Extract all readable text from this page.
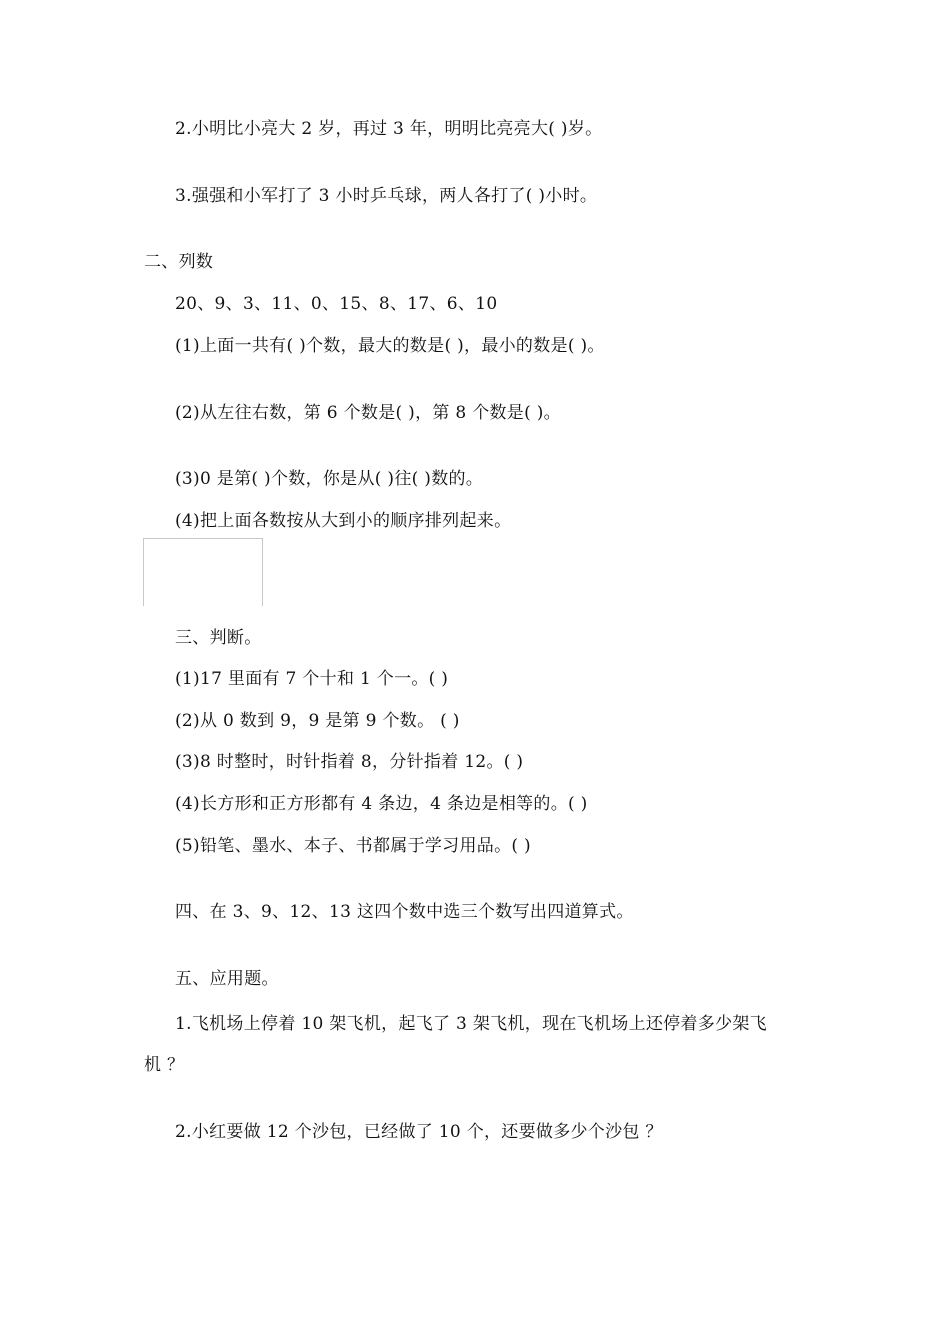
2.小明比小亮大 2 岁，再过 3 年，明明比亮亮大( )岁。
3.强强和小军打了 3 小时乒乓球，两人各打了( )小时。
二、列数
20、9、3、11、0、15、8、17、6、10
(1)上面一共有( )个数，最大的数是( )，最小的数是( )。
(2)从左往右数，第 6 个数是( )，第 8 个数是( )。
(3)0 是第( )个数，你是从( )往( )数的。
(4)把上面各数按从大到小的顺序排列起来。
三、判断。
(1)17 里面有 7 个十和 1 个一。( )
(2)从 0 数到 9，9 是第 9 个数。 ( )
(3)8 时整时，时针指着 8，分针指着 12。( )
(4)长方形和正方形都有 4 条边，4 条边是相等的。( )
(5)铅笔、墨水、本子、书都属于学习用品。( )
四、在 3、9、12、13 这四个数中选三个数写出四道算式。
五、应用题。
1.飞机场上停着 10 架飞机，起飞了 3 架飞机，现在飞机场上还停着多少架飞
机 ？
2.小红要做 12 个沙包，已经做了 10 个，还要做多少个沙包 ？
